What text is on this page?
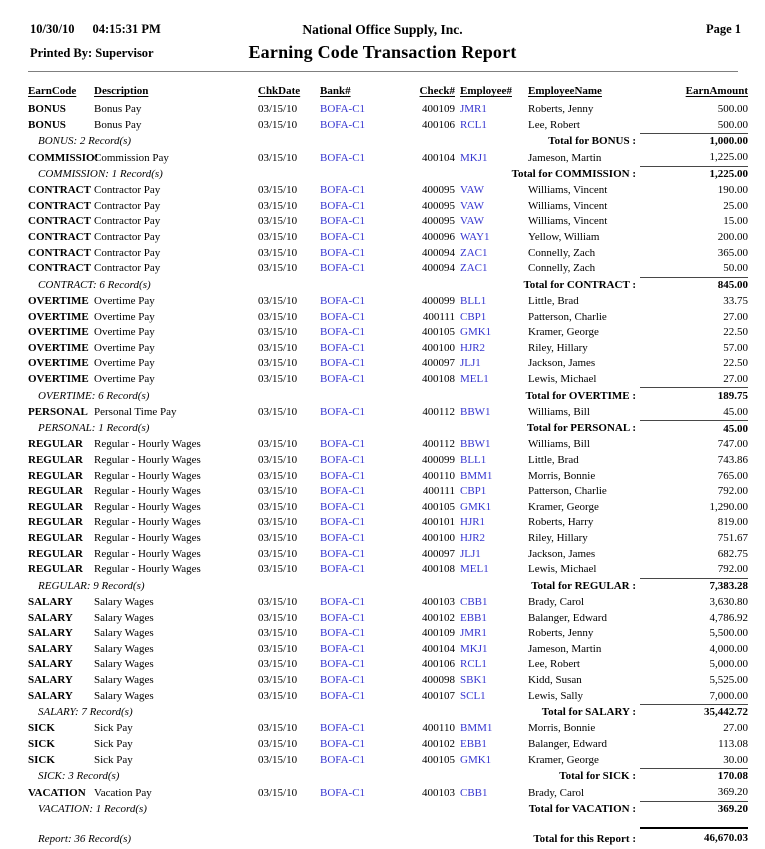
10/30/10 04:15:31 PM	National Office Supply, Inc.	Page 1
Printed By: Supervisor	Earning Code Transaction Report
EarnCode	Description	ChkDate	Bank#	Check#	Employee#	EmployeeName	EarnAmount
BONUS	Bonus Pay	03/15/10	BOFA-C1	400109	JMR1	Roberts, Jenny	500.00
BONUS	Bonus Pay	03/15/10	BOFA-C1	400106	RCL1	Lee, Robert	500.00
BONUS: 2 Record(s)		Total for BONUS :					1,000.00
COMMISSIO!	Commission Pay	03/15/10	BOFA-C1	400104	MKJ1	Jameson, Martin	1,225.00
COMMISSION: 1 Record(s)		Total for COMMISSION :					1,225.00
CONTRACT	Contractor Pay	03/15/10	BOFA-C1	400095	VAW	Williams, Vincent	190.00
CONTRACT	Contractor Pay	03/15/10	BOFA-C1	400095	VAW	Williams, Vincent	25.00
CONTRACT	Contractor Pay	03/15/10	BOFA-C1	400095	VAW	Williams, Vincent	15.00
CONTRACT	Contractor Pay	03/15/10	BOFA-C1	400096	WAY1	Yellow, William	200.00
CONTRACT	Contractor Pay	03/15/10	BOFA-C1	400094	ZAC1	Connelly, Zach	365.00
CONTRACT	Contractor Pay	03/15/10	BOFA-C1	400094	ZAC1	Connelly, Zach	50.00
CONTRACT: 6 Record(s)		Total for CONTRACT :					845.00
OVERTIME	Overtime Pay	03/15/10	BOFA-C1	400099	BLL1	Little, Brad	33.75
OVERTIME	Overtime Pay	03/15/10	BOFA-C1	400111	CBP1	Patterson, Charlie	27.00
OVERTIME	Overtime Pay	03/15/10	BOFA-C1	400105	GMK1	Kramer, George	22.50
OVERTIME	Overtime Pay	03/15/10	BOFA-C1	400100	HJR2	Riley, Hillary	57.00
OVERTIME	Overtime Pay	03/15/10	BOFA-C1	400097	JLJ1	Jackson, James	22.50
OVERTIME	Overtime Pay	03/15/10	BOFA-C1	400108	MEL1	Lewis, Michael	27.00
OVERTIME: 6 Record(s)		Total for OVERTIME :					189.75
PERSONAL	Personal Time Pay	03/15/10	BOFA-C1	400112	BBW1	Williams, Bill	45.00
PERSONAL: 1 Record(s)		Total for PERSONAL :					45.00
REGULAR	Regular - Hourly Wages	03/15/10	BOFA-C1	400112	BBW1	Williams, Bill	747.00
REGULAR	Regular - Hourly Wages	03/15/10	BOFA-C1	400099	BLL1	Little, Brad	743.86
REGULAR	Regular - Hourly Wages	03/15/10	BOFA-C1	400110	BMM1	Morris, Bonnie	765.00
REGULAR	Regular - Hourly Wages	03/15/10	BOFA-C1	400111	CBP1	Patterson, Charlie	792.00
REGULAR	Regular - Hourly Wages	03/15/10	BOFA-C1	400105	GMK1	Kramer, George	1,290.00
REGULAR	Regular - Hourly Wages	03/15/10	BOFA-C1	400101	HJR1	Roberts, Harry	819.00
REGULAR	Regular - Hourly Wages	03/15/10	BOFA-C1	400100	HJR2	Riley, Hillary	751.67
REGULAR	Regular - Hourly Wages	03/15/10	BOFA-C1	400097	JLJ1	Jackson, James	682.75
REGULAR	Regular - Hourly Wages	03/15/10	BOFA-C1	400108	MEL1	Lewis, Michael	792.00
REGULAR: 9 Record(s)		Total for REGULAR :					7,383.28
SALARY	Salary Wages	03/15/10	BOFA-C1	400103	CBB1	Brady, Carol	3,630.80
SALARY	Salary Wages	03/15/10	BOFA-C1	400102	EBB1	Balanger, Edward	4,786.92
SALARY	Salary Wages	03/15/10	BOFA-C1	400109	JMR1	Roberts, Jenny	5,500.00
SALARY	Salary Wages	03/15/10	BOFA-C1	400104	MKJ1	Jameson, Martin	4,000.00
SALARY	Salary Wages	03/15/10	BOFA-C1	400106	RCL1	Lee, Robert	5,000.00
SALARY	Salary Wages	03/15/10	BOFA-C1	400098	SBK1	Kidd, Susan	5,525.00
SALARY	Salary Wages	03/15/10	BOFA-C1	400107	SCL1	Lewis, Sally	7,000.00
SALARY: 7 Record(s)		Total for SALARY :					35,442.72
SICK	Sick Pay	03/15/10	BOFA-C1	400110	BMM1	Morris, Bonnie	27.00
SICK	Sick Pay	03/15/10	BOFA-C1	400102	EBB1	Balanger, Edward	113.08
SICK	Sick Pay	03/15/10	BOFA-C1	400105	GMK1	Kramer, George	30.00
SICK: 3 Record(s)		Total for SICK :					170.08
VACATION	Vacation Pay	03/15/10	BOFA-C1	400103	CBB1	Brady, Carol	369.20
VACATION: 1 Record(s)		Total for VACATION :					369.20

Report: 36 Record(s)		Total for this Report :					46,670.03
